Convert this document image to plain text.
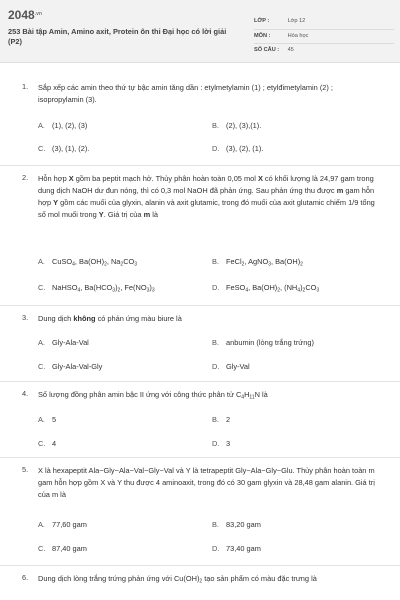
$2048^{.vn}$
253 Bài tập Amin, Amino axit, Protein ôn thi Đại học có lời giải (P2)
LỚP :	Lớp 12
MÔN :	Hóa học
SỐ CÂU : 45
1. Sắp xếp các amin theo thứ tự bậc amin tăng dần : etylmetylamin (1) ; etylđimetylamin (2) ; isopropylamin (3).
A. (1), (2), (3)	B. (2), (3),(1).
C. (3), (1), (2).	D. (3), (2), (1).
2. Hỗn hợp X gồm ba peptit mạch hở. Thủy phân hoàn toàn 0,05 mol X có khối lượng là 24,97 gam trong dung dịch NaOH dư đun nóng, thì có 0,3 mol NaOH đã phản ứng. Sau phản ứng thu được m gam hỗn hợp Y gồm các muối của glyxin, alanin và axit glutamic, trong đó muối của axit glutamic chiếm 1/9 tổng số mol muối trong Y. Giá trị của m là
A. CuSO$_4$, $Ba(OH)_2$, $Na_2CO_3$	B. FeCl$_2$, AgNO$_3$, $Ba(OH)_2$
C. NaHSO$_4$, $Ba(HCO_3)_2$, $Fe(NO_3)_3$	D. FeSO$_4$, $Ba(OH)_2$, $(NH_4)_2CO_3$
3. Dung dịch không có phản ứng màu biure là
A. Gly-Ala-Val	B. anbumin (lòng trắng trứng)
C. Gly-Ala-Val-Gly	D. Gly-Val
4. Số lượng đồng phân amin bậc II ứng với công thức phân tử $C_4H_{11}N$ là
A. 5	B. 2
C. 4	D. 3
5. X là hexapeptit Ala−Gly−Ala−Val−Gly−Val và Y là tetrapeptit Gly−Ala−Gly−Glu. Thủy phân hoàn toàn m gam hỗn hợp gồm X và Y thu được 4 aminoaxit, trong đó có 30 gam glyxin và 28,48 gam alanin. Giá trị của m là
A. 77,60 gam	B. 83,20 gam
C. 87,40 gam	D. 73,40 gam
6. Dung dịch lòng trắng trứng phản ứng với $Cu(OH)_2$ tạo sản phẩm có màu đặc trưng là
